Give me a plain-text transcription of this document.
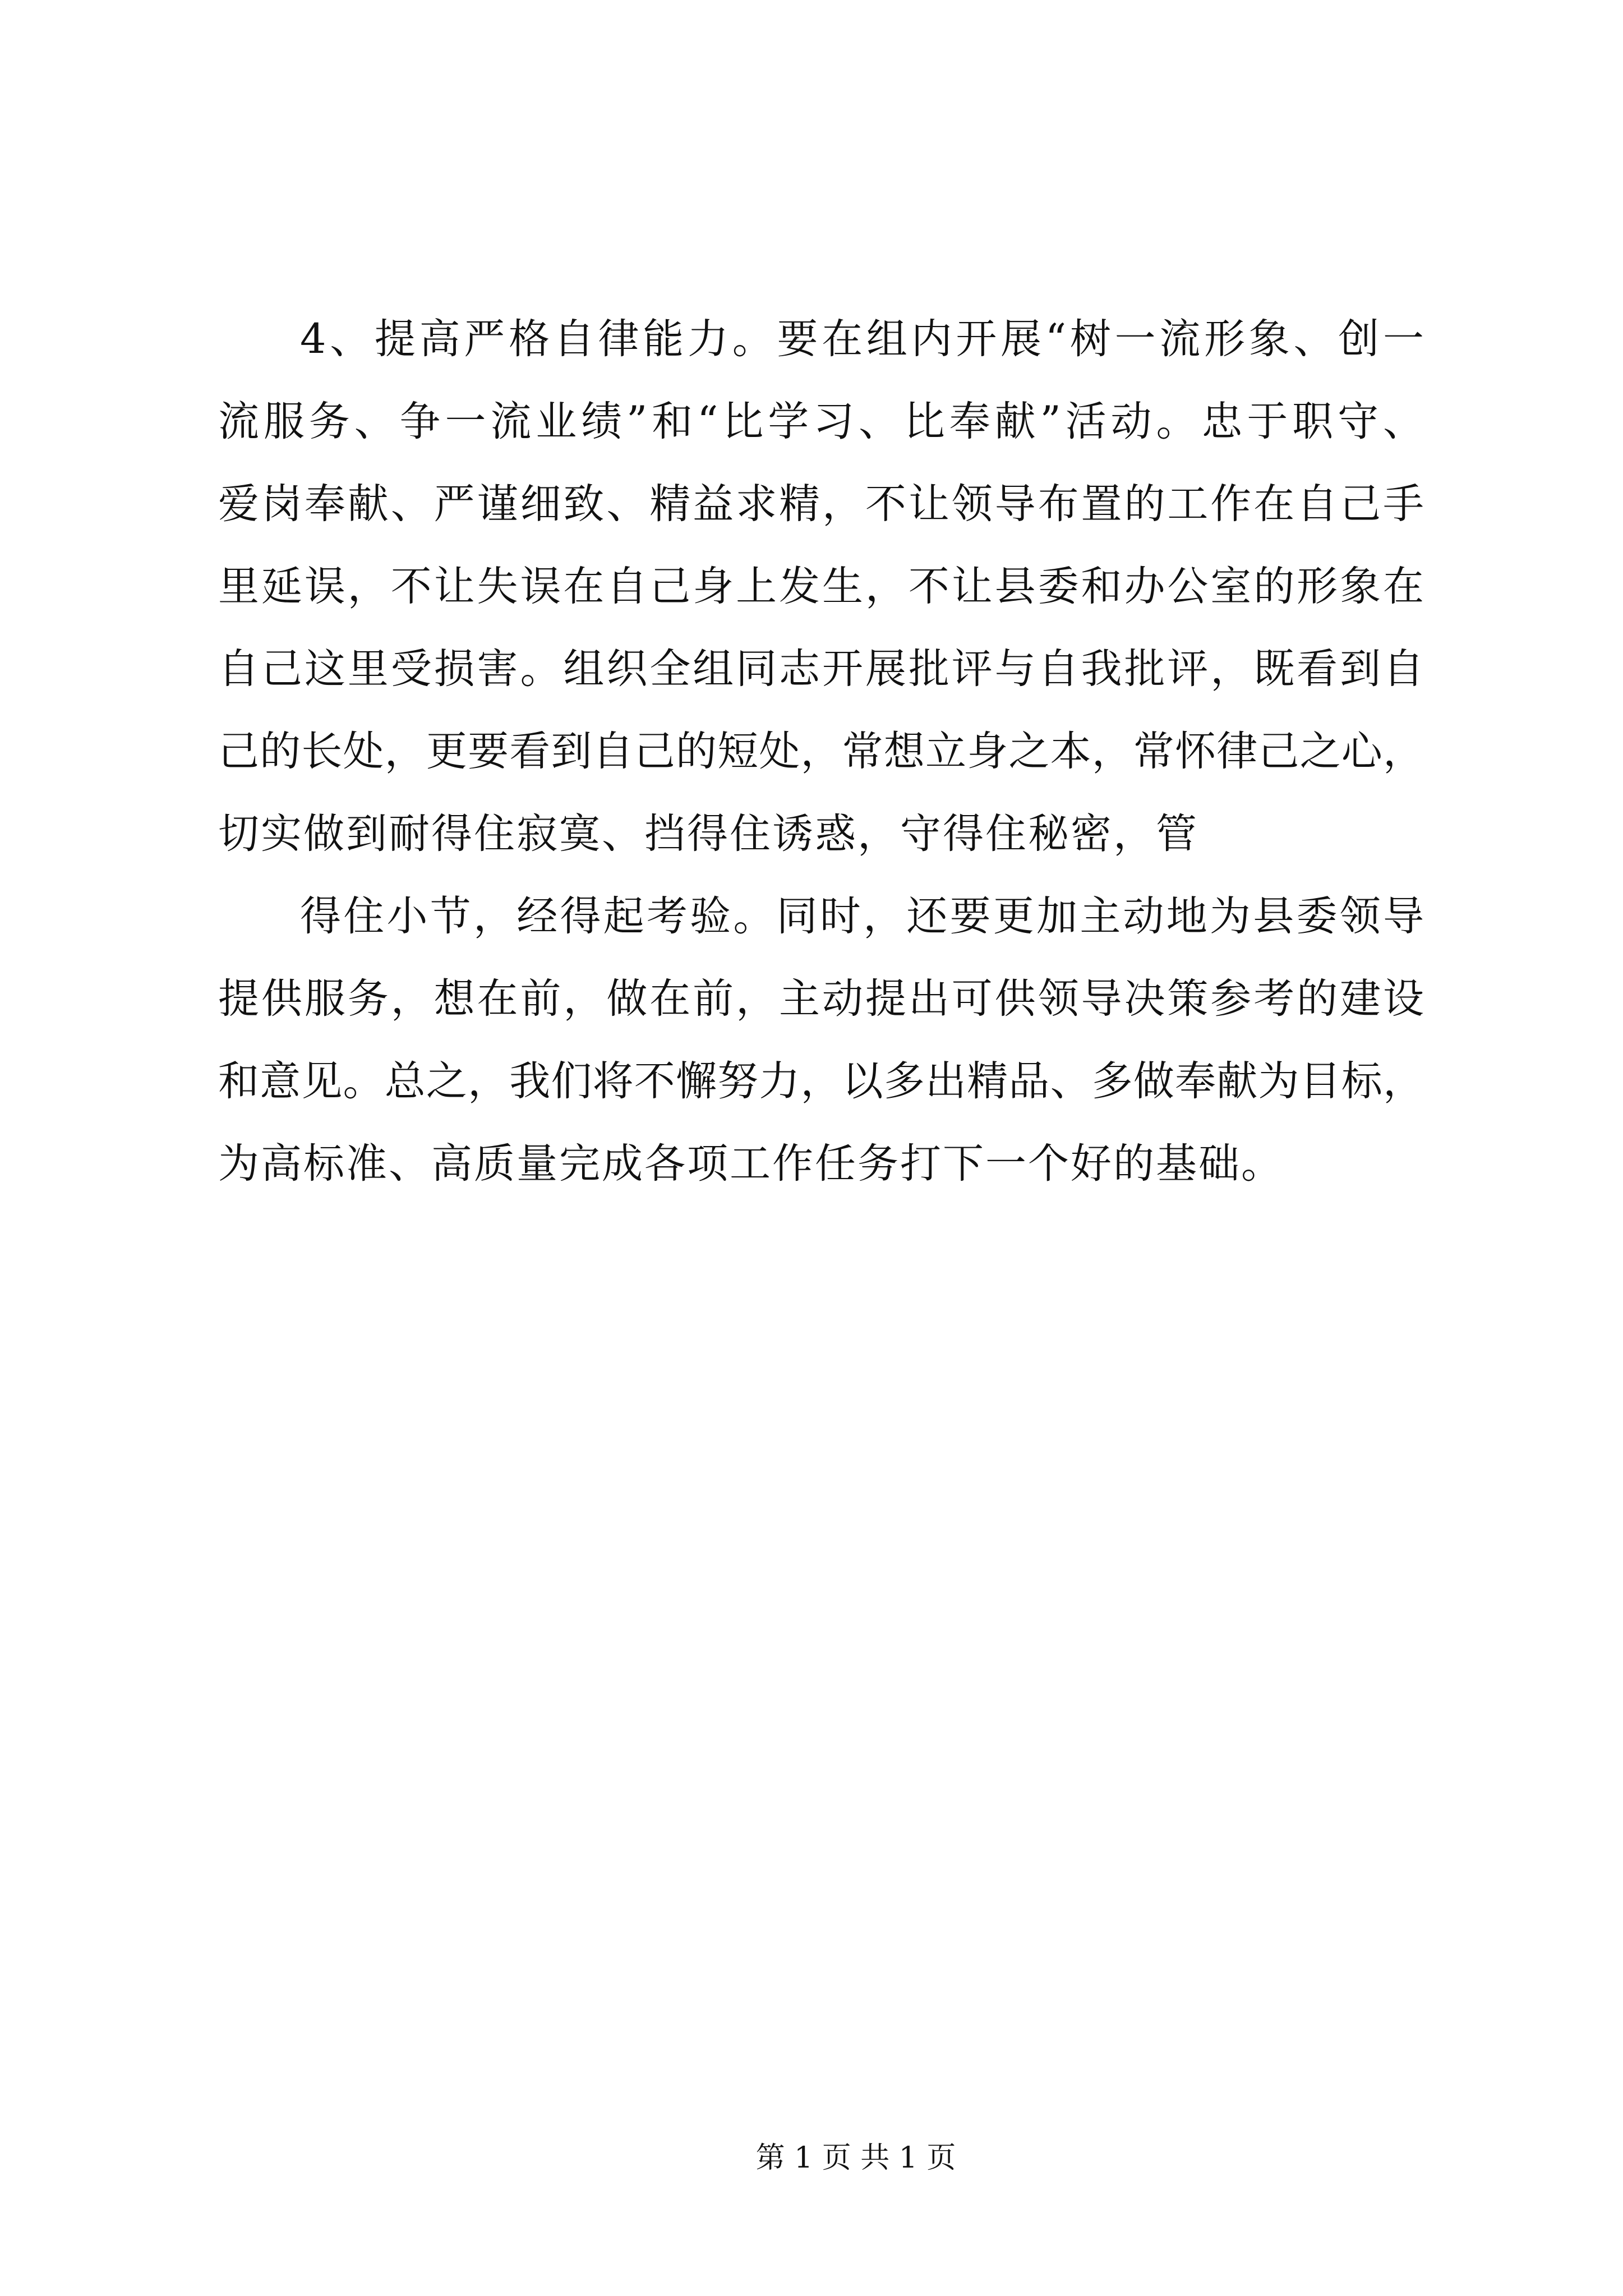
4、提高严格自律能力。要在组内开展“树一流形象、创一
流服务、争一流业绩”和“比学习、比奉献”活动。忠于职守、
爱岗奉献、严谨细致、精益求精，不让领导布置的工作在自己手
里延误，不让失误在自己身上发生，不让县委和办公室的形象在
自己这里受损害。组织全组同志开展批评与自我批评，既看到自
己的长处，更要看到自己的短处，常想立身之本，常怀律己之心，
切实做到耐得住寂寞、挡得住诱惑，守得住秘密，管
得住小节，经得起考验。同时，还要更加主动地为县委领导
提供服务，想在前，做在前，主动提出可供领导决策参考的建设
和意见。总之，我们将不懈努力，以多出精品、多做奉献为目标，
为高标准、高质量完成各项工作任务打下一个好的基础。
第 1 页 共 1 页
